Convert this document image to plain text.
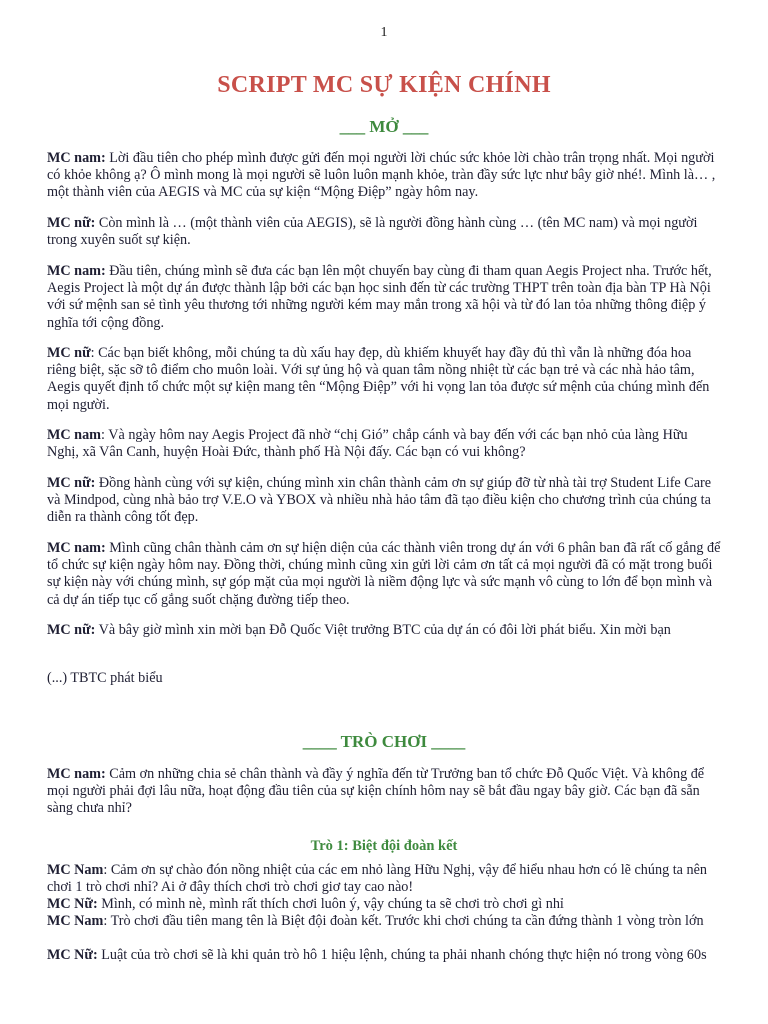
1
SCRIPT MC SỰ KIỆN CHÍNH
___ MỞ ___

MC nam: Lời đầu tiên cho phép mình được gửi đến mọi người lời chúc sức khỏe lời chào trân trọng nhất. Mọi người có khỏe không ạ? Ô mình mong là mọi người sẽ luôn luôn mạnh khỏe, tràn đầy sức lực như bây giờ nhé!. Mình là… , một thành viên của AEGIS và MC của sự kiện “Mộng Điệp” ngày hôm nay.

MC nữ: Còn mình là … (một thành viên của AEGIS), sẽ là người đồng hành cùng … (tên MC nam) và mọi người trong xuyên suốt sự kiện.

MC nam: Đầu tiên, chúng mình sẽ đưa các bạn lên một chuyến bay cùng đi tham quan Aegis Project nha. Trước hết, Aegis Project là một dự án được thành lập bởi các bạn học sinh đến từ các trường THPT trên toàn địa bàn TP Hà Nội với sứ mệnh san sẻ tình yêu thương tới những người kém may mắn trong xã hội và từ đó lan tỏa những thông điệp ý nghĩa tới cộng đồng.

MC nữ: Các bạn biết không, mỗi chúng ta dù xấu hay đẹp, dù khiếm khuyết hay đầy đủ thì vẫn là những đóa hoa riêng biệt, sặc sỡ tô điểm cho muôn loài. Với sự ủng hộ và quan tâm nồng nhiệt từ các bạn trẻ và các nhà hảo tâm, Aegis quyết định tổ chức một sự kiện mang tên “Mộng Điệp” với hi vọng lan tỏa được sứ mệnh của chúng mình đến mọi người.

MC nam: Và ngày hôm nay Aegis Project đã nhờ “chị Gió” chắp cánh và bay đến với các bạn nhỏ của làng Hữu Nghị, xã Vân Canh, huyện Hoài Đức, thành phố Hà Nội đấy. Các bạn có vui không?

MC nữ: Đồng hành cùng với sự kiện, chúng mình xin chân thành cảm ơn sự giúp đỡ từ nhà tài trợ Student Life Care và Mindpod, cùng nhà bảo trợ V.E.O và YBOX và nhiều nhà hảo tâm đã tạo điều kiện cho chương trình của chúng ta diễn ra thành công tốt đẹp.

MC nam: Mình cũng chân thành cảm ơn sự hiện diện của các thành viên trong dự án với 6 phân ban đã rất cố gắng để tổ chức sự kiện ngày hôm nay. Đồng thời, chúng mình cũng xin gửi lời cảm ơn tất cả mọi người đã có mặt trong buổi sự kiện này với chúng mình, sự góp mặt của mọi người là niềm động lực và sức mạnh vô cùng to lớn để bọn mình và cả dự án tiếp tục cố gắng suốt chặng đường tiếp theo.

MC nữ: Và bây giờ mình xin mời bạn Đỗ Quốc Việt trưởng BTC của dự án có đôi lời phát biểu. Xin mời bạn

(...) TBTC phát biểu

____ TRÒ CHƠI ____

MC nam: Cảm ơn những chia sẻ chân thành và đầy ý nghĩa đến từ Trưởng ban tổ chức Đỗ Quốc Việt. Và không để mọi người phải đợi lâu nữa, hoạt động đầu tiên của sự kiện chính hôm nay sẽ bắt đầu ngay bây giờ. Các bạn đã sẵn sàng chưa nhỉ?

Trò 1: Biệt đội đoàn kết

MC Nam: Cảm ơn sự chào đón nồng nhiệt của các em nhỏ làng Hữu Nghị, vậy để hiểu nhau hơn có lẽ chúng ta nên chơi 1 trò chơi nhỉ? Ai ở đây thích chơi trò chơi giơ tay cao nào!

MC Nữ: Mình, có mình nè, mình rất thích chơi luôn ý, vậy chúng ta sẽ chơi trò chơi gì nhỉ

MC Nam: Trò chơi đầu tiên mang tên là Biệt đội đoàn kết. Trước khi chơi chúng ta cần đứng thành 1 vòng tròn lớn

MC Nữ: Luật của trò chơi sẽ là khi quản trò hô 1 hiệu lệnh, chúng ta phải nhanh chóng thực hiện nó trong vòng 60s
